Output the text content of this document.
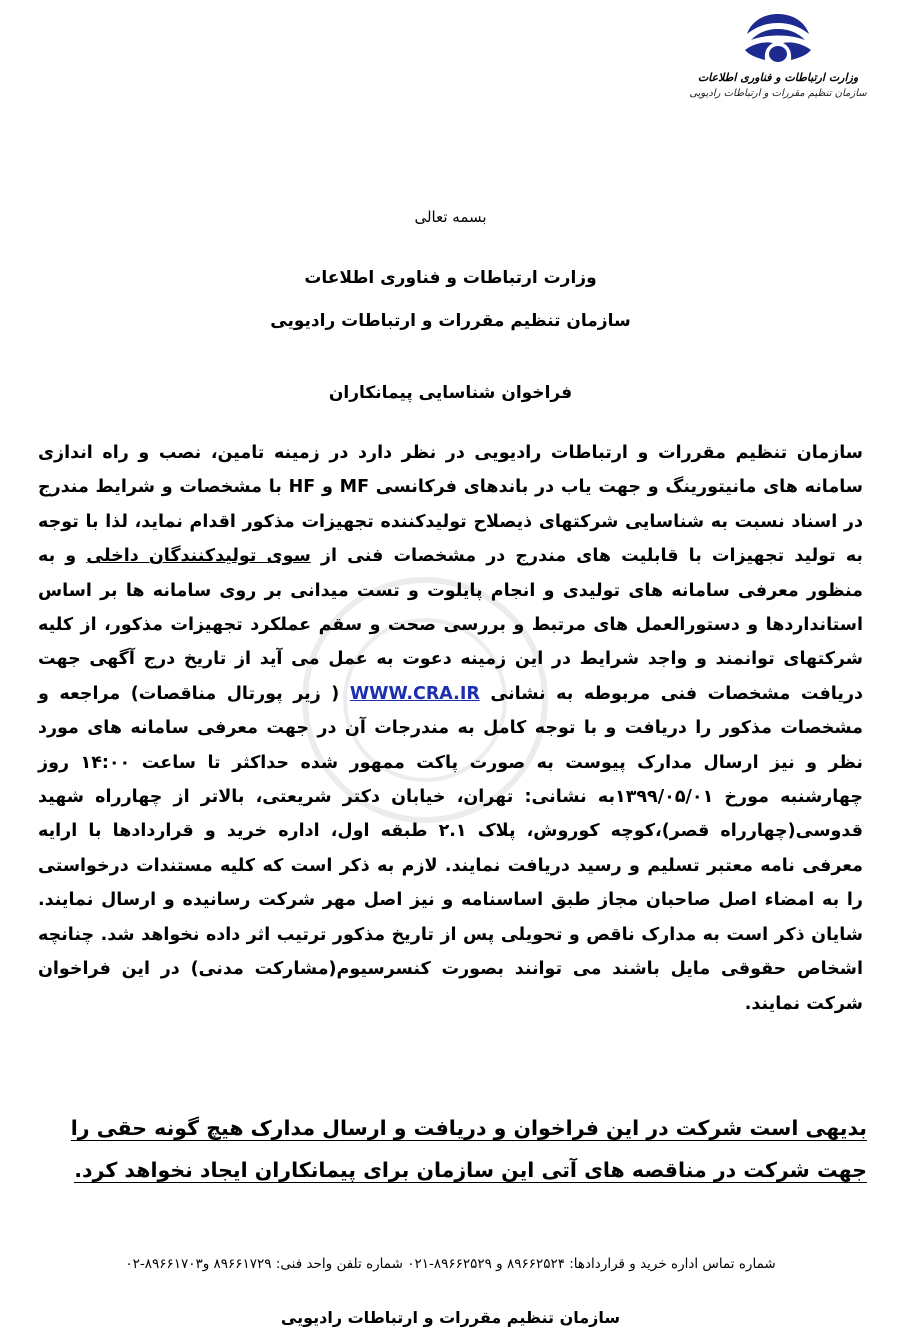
وزارت ارتباطات و فناوری اطلاعات
سازمان تنظیم مقررات و ارتباطات رادیویی
بسمه تعالی
وزارت ارتباطات و فناوری اطلاعات
سازمان تنظیم مقررات و ارتباطات رادیویی
فراخوان شناسایی پیمانکاران
سازمان تنظیم مقررات و ارتباطات رادیویی در نظر دارد در زمینه تامین، نصب و راه اندازی سامانه های مانیتورینگ و جهت یاب در باندهای فرکانسی MF و HF با مشخصات و شرایط مندرج در اسناد نسبت به شناسایی شرکتهای ذیصلاح تولیدکننده تجهیزات مذکور اقدام نماید، لذا با توجه به تولید تجهیزات با قابلیت های مندرج در مشخصات فنی از سوی تولیدکنندگان داخلی و به منظور معرفی سامانه های تولیدی و انجام پایلوت و تست میدانی بر روی سامانه ها بر اساس استانداردها و دستورالعمل های مرتبط و بررسی صحت و سقم عملکرد تجهیزات مذکور، از کلیه شرکتهای توانمند و واجد شرایط در این زمینه دعوت به عمل می آید از تاریخ درج آگهی جهت دریافت مشخصات فنی مربوطه به نشانی WWW.CRA.IR ( زیر پورتال مناقصات) مراجعه و مشخصات مذکور را دریافت و با توجه کامل به مندرجات آن در جهت معرفی سامانه های مورد نظر و نیز ارسال مدارک پیوست به صورت پاکت ممهور شده حداکثر تا ساعت ۱۴:۰۰ روز چهارشنبه مورخ ۱۳۹۹/۰۵/۰۱به نشانی: تهران، خیابان دکتر شریعتی، بالاتر از چهارراه شهید قدوسی(چهارراه قصر)،کوچه کوروش، پلاک ۲.۱ طبقه اول، اداره خرید و قراردادها با ارایه معرفی نامه معتبر تسلیم و رسید دریافت نمایند. لازم به ذکر است که کلیه مستندات درخواستی را به امضاء اصل صاحبان مجاز طبق اساسنامه و نیز اصل مهر شرکت رسانیده و ارسال نمایند. شایان ذکر است به مدارک ناقص و تحویلی پس از تاریخ مذکور ترتیب اثر داده نخواهد شد. چنانچه اشخاص حقوقی مایل باشند می توانند بصورت کنسرسیوم(مشارکت مدنی) در این فراخوان شرکت نمایند.
بدیهی است شرکت در این فراخوان و دریافت و ارسال مدارک هیچ گونه حقی را
جهت شرکت در مناقصه های آتی این سازمان برای پیمانکاران ایجاد نخواهد کرد.
شماره تماس اداره خرید و قراردادها: ۸۹۶۶۲۵۲۴ و ۸۹۶۶۲۵۲۹-۰۲۱ شماره تلفن واحد فنی: ۸۹۶۶۱۷۲۹ و۸۹۶۶۱۷۰۳-۰۲
سازمان تنظیم مقررات و ارتباطات رادیویی
